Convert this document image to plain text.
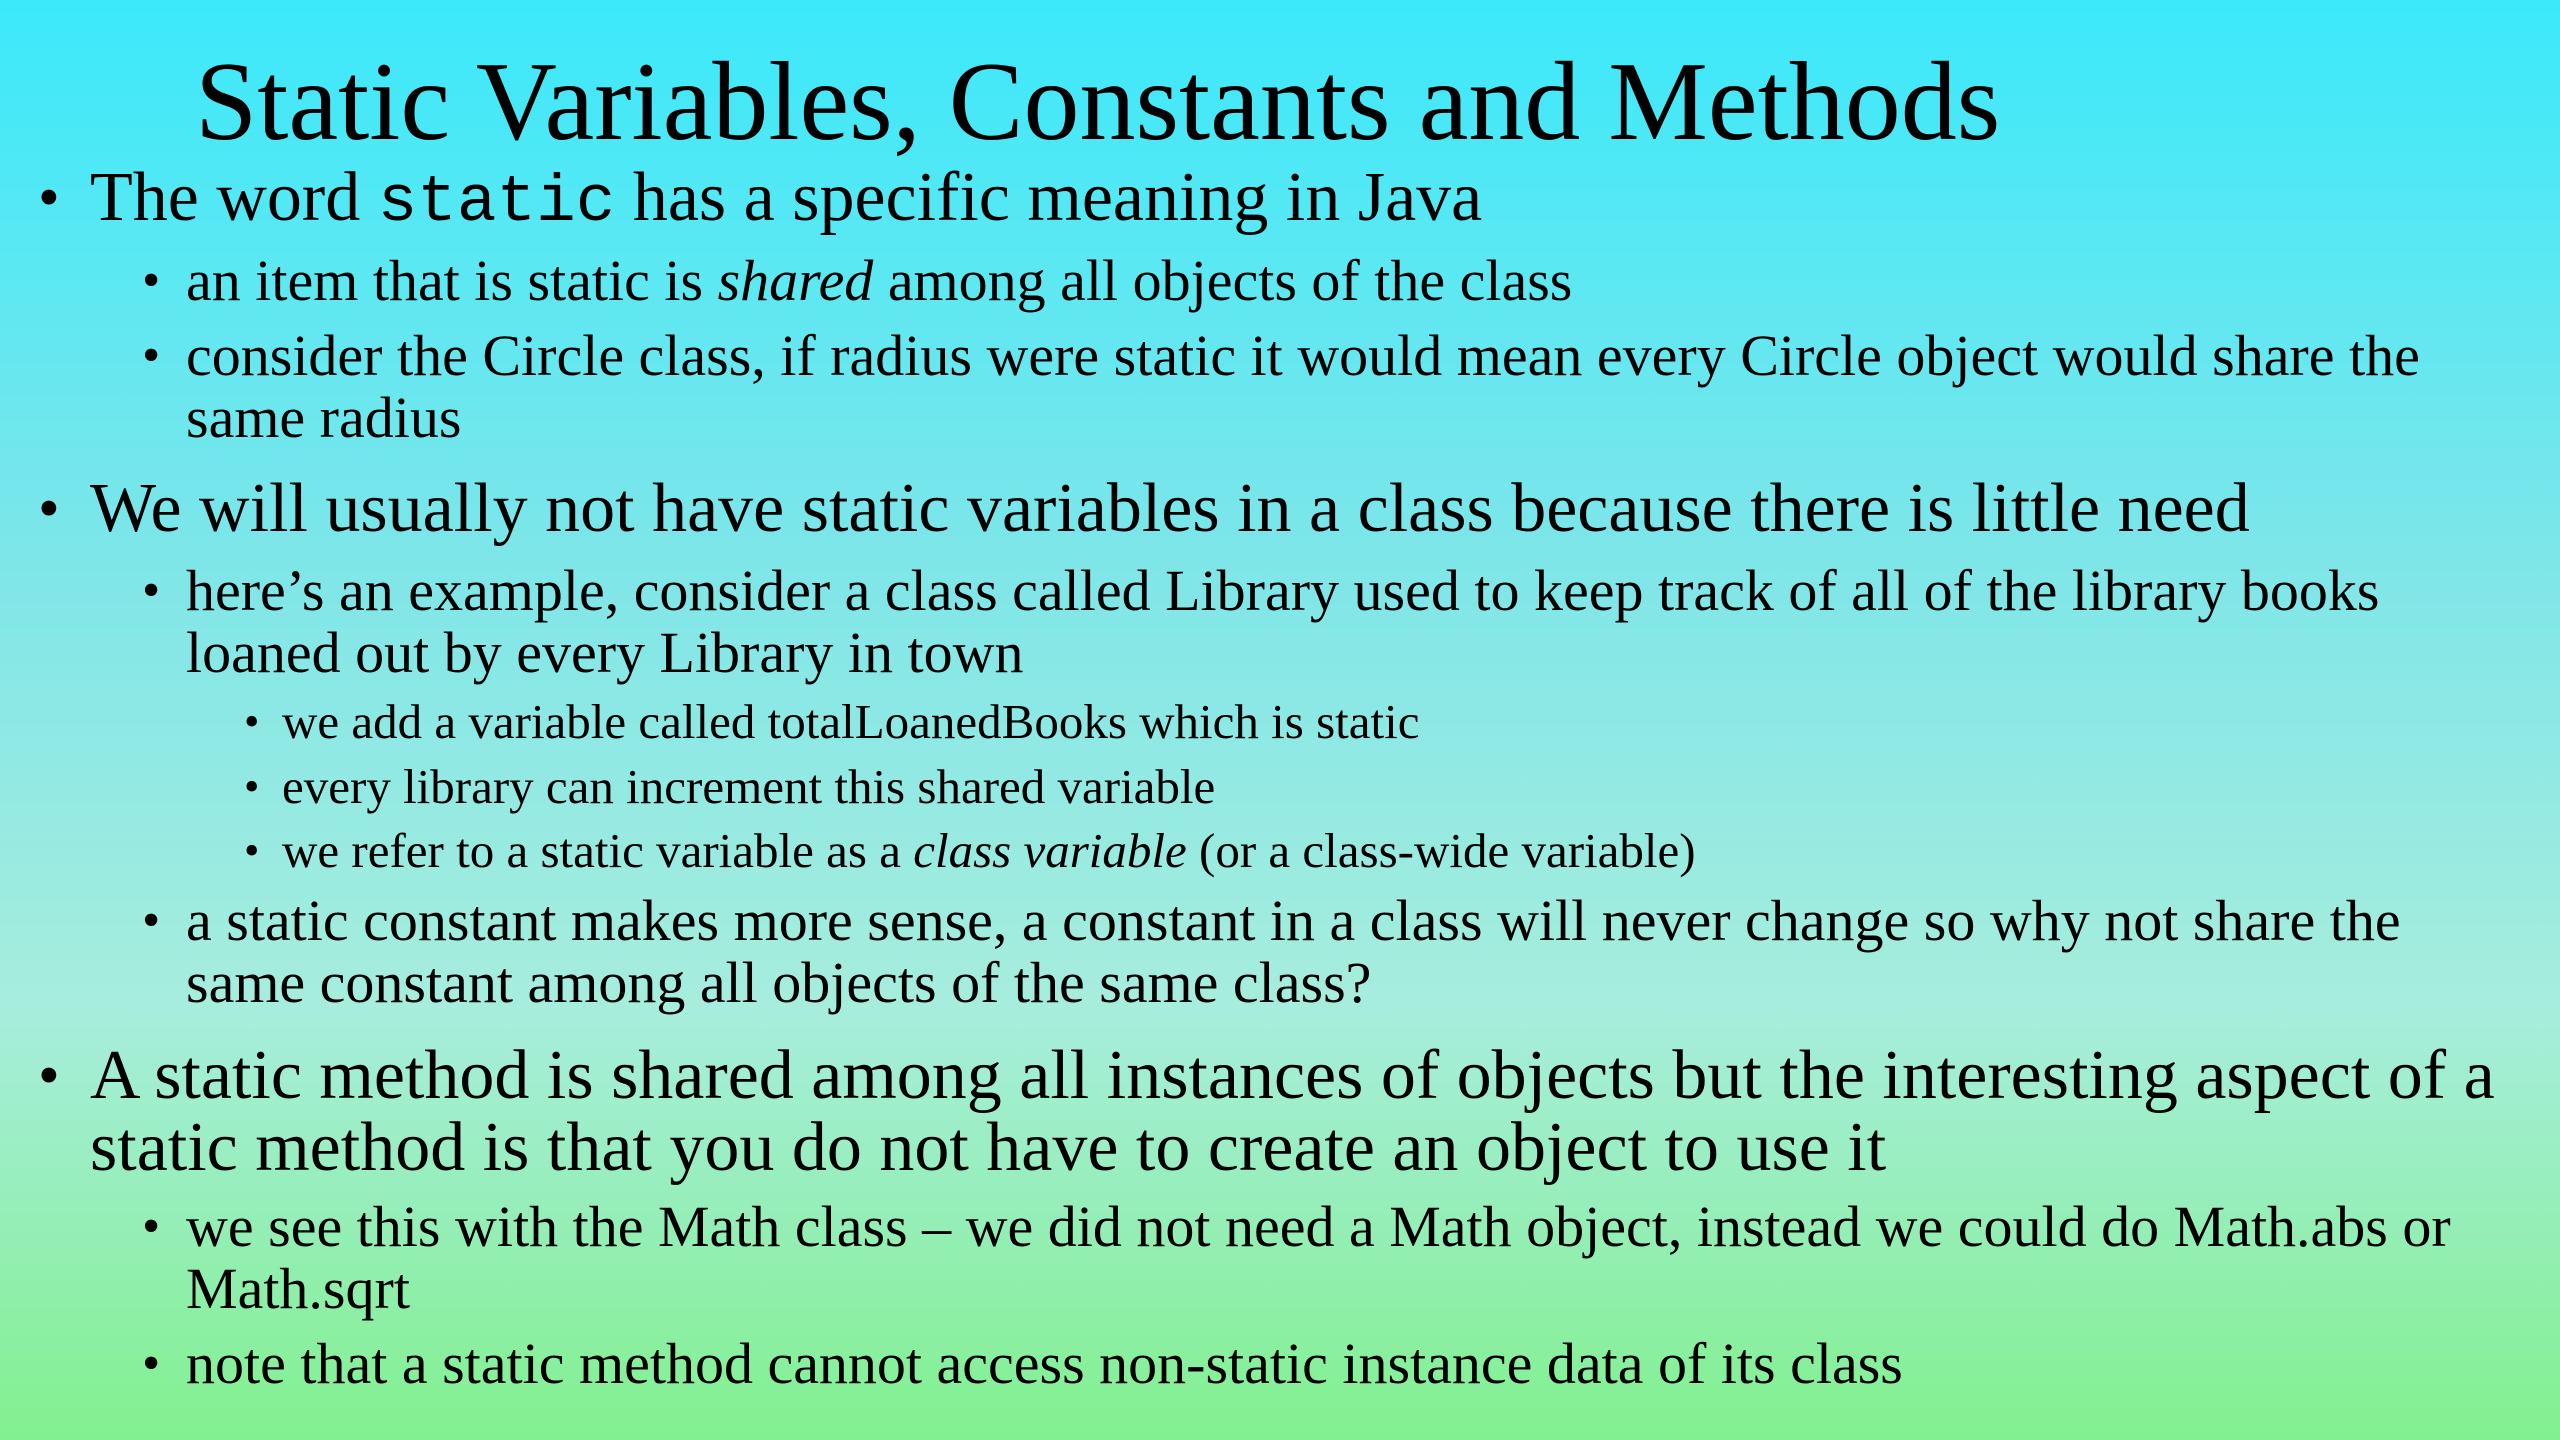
Static Variables, Constants and Methods

• The word static has a specific meaning in Java

• an item that is static is shared among all objects of the class

• consider the Circle class, if radius were static it would mean every Circle object would share the same radius

• We will usually not have static variables in a class because there is little need

• here’s an example, consider a class called Library used to keep track of all of the library books loaned out by every Library in town

• we add a variable called totalLoanedBooks which is static

• every library can increment this shared variable

• we refer to a static variable as a class variable (or a class-wide variable)

• a static constant makes more sense, a constant in a class will never change so why not share the same constant among all objects of the same class?

• A static method is shared among all instances of objects but the interesting aspect of a static method is that you do not have to create an object to use it

• we see this with the Math class – we did not need a Math object, instead we could do Math.abs or Math.sqrt

• note that a static method cannot access non-static instance data of its class
